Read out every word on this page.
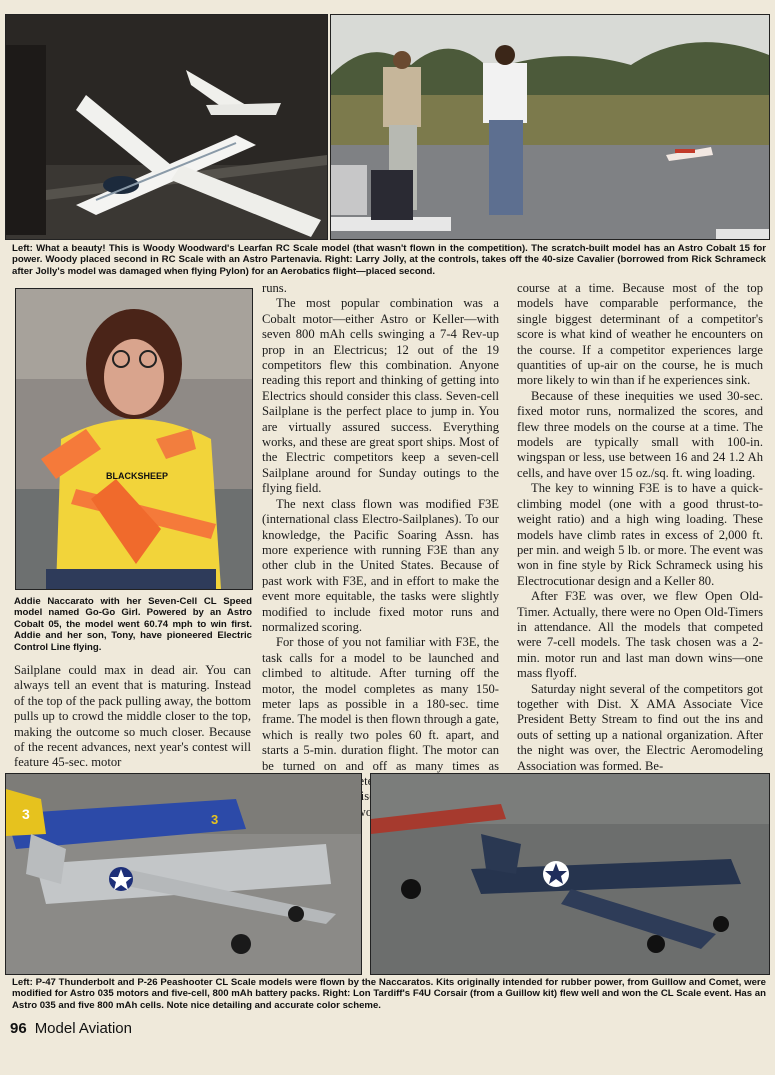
Left: What a beauty! This is Woody Woodward's Learfan RC Scale model (that wasn't flown in the competition). The scratch-built model has an Astro Cobalt 15 for power. Woody placed second in RC Scale with an Astro Partenavia. Right: Larry Jolly, at the controls, takes off the 40-size Cavalier (borrowed from Rick Schrameck after Jolly's model was damaged when flying Pylon) for an Aerobatics flight—placed second.

BLACKSHEEP

Addie Naccarato with her Seven-Cell CL Speed model named Go-Go Girl. Powered by an Astro Cobalt 05, the model went 60.74 mph to win first. Addie and her son, Tony, have pioneered Electric Control Line flying.

Sailplane could max in dead air. You can always tell an event that is maturing. Instead of the top of the pack pulling away, the bottom pulls up to crowd the middle closer to the top, making the outcome so much closer. Because of the recent advances, next year's contest will feature 45-sec. motor

runs.

The most popular combination was a Cobalt motor—either Astro or Keller—with seven 800 mAh cells swinging a 7-4 Rev-up prop in an Electricus; 12 out of the 19 competitors flew this combination. Anyone reading this report and thinking of getting into Electrics should consider this class. Seven-cell Sailplane is the perfect place to jump in. You are virtually assured success. Everything works, and these are great sport ships. Most of the Electric competitors keep a seven-cell Sailplane around for Sunday outings to the flying field.

The next class flown was modified F3E (international class Electro-Sailplanes). To our knowledge, the Pacific Soaring Assn. has more experience with running F3E than any other club in the United States. Because of past work with F3E, and in effort to make the event more equitable, the tasks were slightly modified to include fixed motor runs and normalized scoring.

For those of you not familiar with F3E, the task calls for a model to be launched and climbed to altitude. After turning off the motor, the model completes as many 150-meter laps as possible in a 180-sec. time frame. The model is then flown through a gate, which is really two poles 60 ft. apart, and starts a 5-min. duration flight. The motor can be turned on and off as many times as

arises two,

course at a time. Because most of the top models have comparable performance, the single biggest determinant of a competitor's score is what kind of weather he encounters on the course. If a competitor experiences large quantities of up-air on the course, he is much more likely to win than if he experiences sink.

Because of these inequities we used 30-sec. fixed motor runs, normalized the scores, and flew three models on the course at a time. The models are typically small with 100-in. wingspan or less, use between 16 and 24 1.2 Ah cells, and have over 15 oz./sq. ft. wing loading.

The key to winning F3E is to have a quick-climbing model (one with a good thrust-to-weight ratio) and a high wing loading. These models have climb rates in excess of 2,000 ft. per min. and weigh 5 lb. or more. The event was won in fine style by Rick Schrameck using his Electrocutionar design and a Keller 80.

After F3E was over, we flew Open Old-Timer. Actually, there were no Open Old-Timers in attendance. All the models that competed were 7-cell models. The task chosen was a 2-min. motor run and last man down wins—one mass flyoff.

Saturday night several of the competitors got together with Dist. X AMA Associate Vice President Betty Stream to find out the ins and outs of setting up a national organization. After the night was over, the Electric Aeromodeling Association was formed. Be-

3	3

Left: P-47 Thunderbolt and P-26 Peashooter CL Scale models were flown by the Naccaratos. Kits originally intended for rubber power, from Guillow and Comet, were modified for Astro 035 motors and five-cell, 800 mAh battery packs. Right: Lon Tardiff's F4U Corsair (from a Guillow kit) flew well and won the CL Scale event. Has an Astro 035 and five 800 mAh cells. Note nice detailing and accurate color scheme.

96 Model Aviation
